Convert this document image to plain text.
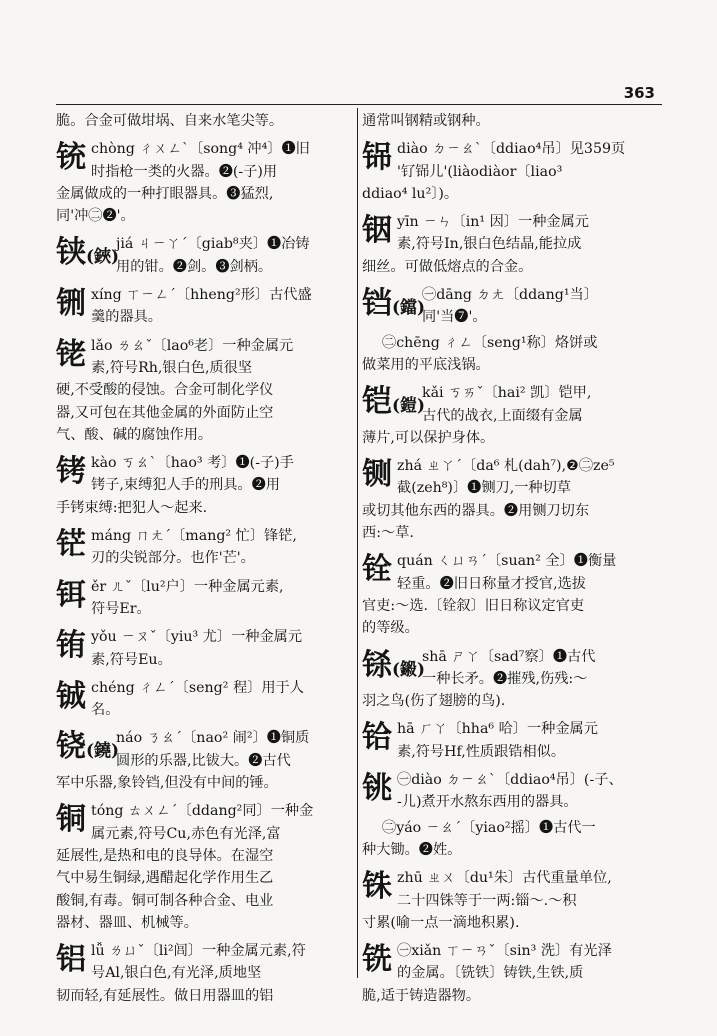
363
脆。合金可做坩埚、自来水笔尖等。
铳 chòng ㄔㄨㄥˋ〔song⁴ 冲⁴〕❶旧
时指枪一类的火器。❷(-子)用
金属做成的一种打眼器具。❸猛烈,
同'冲㊁❷'。
铗(鋏)
jiá ㄐㄧㄚˊ〔giab⁸夹〕❶冶铸
用的钳。❷剑。❸剑柄。
铏 xíng ㄒㄧㄥˊ〔hheng²形〕古代盛
羹的器具。
铑 lǎo ㄌㄠˇ〔lao⁶老〕一种金属元
素,符号Rh,银白色,质很坚
硬,不受酸的侵蚀。合金可制化学仪
器,又可包在其他金属的外面防止空
气、酸、碱的腐蚀作用。
铐 kào ㄎㄠˋ〔hao³ 考〕❶(-子)手
铐子,束缚犯人手的刑具。❷用
手铐束缚:把犯人～起来.
铓 máng ㄇㄤˊ〔mang² 忙〕锋铓,
刃的尖锐部分。也作'芒'。
铒 ěr ㄦˇ〔lu²户〕一种金属元素,
符号Er。
铕 yǒu ㄧㄡˇ〔yiu³ 尤〕一种金属元
素,符号Eu。
铖 chéng ㄔㄥˊ〔seng² 程〕用于人
名。
铙(鐃)
náo ㄋㄠˊ〔nao² 闹²〕❶铜质
圆形的乐器,比钹大。❷古代
军中乐器,象铃铛,但没有中间的锤。
铜 tóng ㄊㄨㄥˊ〔ddang²同〕一种金
属元素,符号Cu,赤色有光泽,富
延展性,是热和电的良导体。在湿空
气中易生铜绿,遇醋起化学作用生乙
酸铜,有毒。铜可制各种合金、电业
器材、器皿、机械等。
铝 lǚ ㄌㄩˇ〔li²闾〕一种金属元素,符
号Al,银白色,有光泽,质地坚
韧而轻,有延展性。做日用器皿的铝
通常叫钢精或钢种。
铞 diào ㄉㄧㄠˋ〔ddiao⁴吊〕见359页
'钌铞儿'(liàodiàor〔liao³
ddiao⁴ lu²〕)。
铟 yīn ㄧㄣ〔in¹ 因〕一种金属元
素,符号In,银白色结晶,能拉成
细丝。可做低熔点的合金。
铛(鐺)
㊀dāng ㄉㄤ〔ddang¹当〕
同'当❼'。
㊁chēng ㄔㄥ〔seng¹称〕烙饼或
做菜用的平底浅锅。
铠(鎧)
kǎi ㄎㄞˇ〔hai² 凯〕铠甲,
古代的战衣,上面缀有金属
薄片,可以保护身体。
铡 zhá ㄓㄚˊ〔da⁶ 札(dah⁷),❷㊁ze⁵
截(zeh⁸)〕❶铡刀,一种切草
或切其他东西的器具。❷用铡刀切东
西:～草.
铨 quán ㄑㄩㄢˊ〔suan² 全〕❶衡量
轻重。❷旧日称量才授官,选拔
官吏:～选.〔铨叙〕旧日称议定官吏
的等级。
铩(鎩)
shā ㄕㄚ〔sad⁷察〕❶古代
一种长矛。❷摧残,伤残:～
羽之鸟(伤了翅膀的鸟).
铪 hā ㄏㄚ〔hha⁶ 哈〕一种金属元
素,符号Hf,性质跟锆相似。
铫 ㊀diào ㄉㄧㄠˋ〔ddiao⁴吊〕(-子、
-儿)煮开水熬东西用的器具。
㊁yáo ㄧㄠˊ〔yiao²摇〕❶古代一
种大锄。❷姓。
铢 zhū ㄓㄨ〔du¹朱〕古代重量单位,
二十四铢等于一两:锱～.～积
寸累(喻一点一滴地积累).
铣 ㊀xiǎn ㄒㄧㄢˇ〔sin³ 洗〕有光泽
的金属。〔铣铁〕铸铁,生铁,质
脆,适于铸造器物。
